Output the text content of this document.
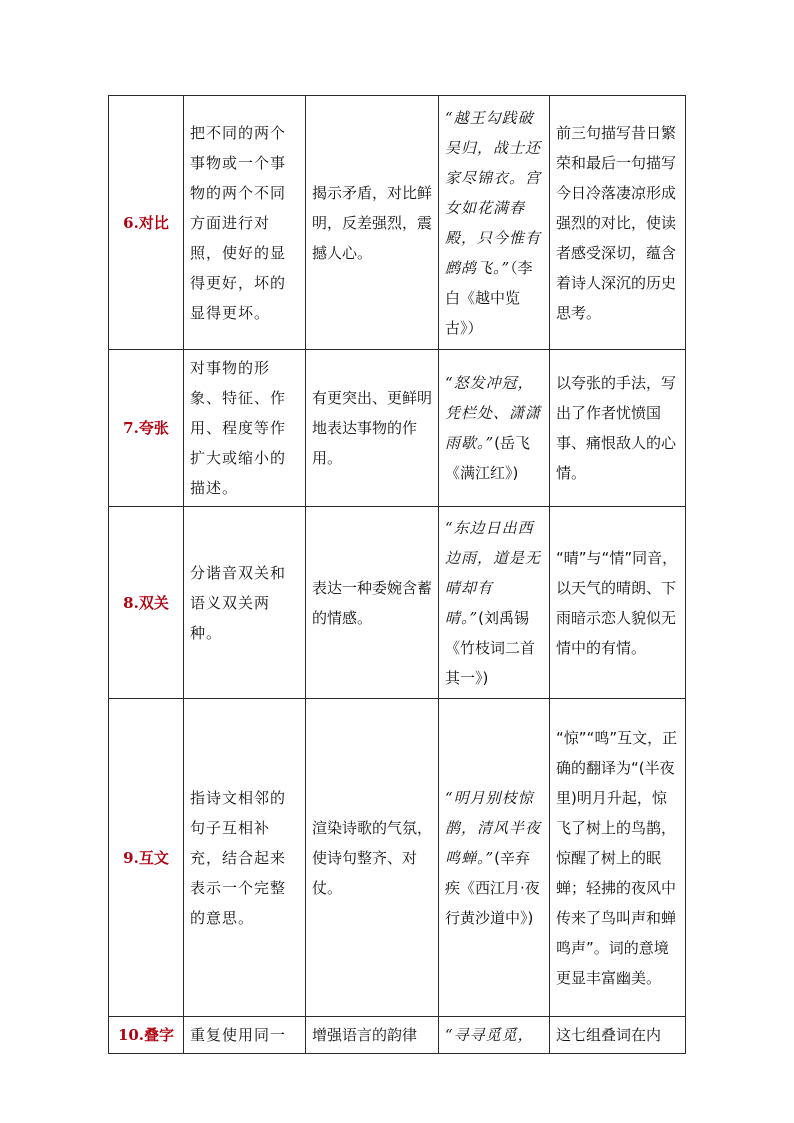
6.对比	把不同的两个事物或一个事物的两个不同方面进行对照，使好的显得更好，坏的显得更坏。	揭示矛盾，对比鲜明，反差强烈，震撼人心。	“越王勾践破吴归，战士还家尽锦衣。宫女如花满春殿，只今惟有鹧鸪飞。”（李白《越中览古》）	前三句描写昔日繁荣和最后一句描写今日冷落凄凉形成强烈的对比，使读者感受深切，蕴含着诗人深沉的历史思考。
7.夸张	对事物的形象、特征、作用、程度等作扩大或缩小的描述。	有更突出、更鲜明地表达事物的作用。	“怒发冲冠，凭栏处、潇潇雨歇。”(岳飞《满江红》)	以夸张的手法，写出了作者忧愤国事、痛恨敌人的心情。
8.双关	分谐音双关和语义双关两种。	表达一种委婉含蓄的情感。	“东边日出西边雨，道是无晴却有晴。”(刘禹锡《竹枝词二首其一》)	“晴”与“情”同音，以天气的晴朗、下雨暗示恋人貌似无情中的有情。
9.互文	指诗文相邻的句子互相补充，结合起来表示一个完整的意思。	渲染诗歌的气氛，使诗句整齐、对仗。	“明月别枝惊鹊，清风半夜鸣蝉。”(辛弃疾《西江月·夜行黄沙道中》)	“惊”“鸣”互文，正确的翻译为“(半夜里)明月升起，惊飞了树上的鸟鹊，惊醒了树上的眠蝉；轻拂的夜风中传来了鸟叫声和蝉鸣声”。词的意境更显丰富幽美。
10.叠字	重复使用同一	增强语言的韵律	“寻寻觅觅，	这七组叠词在内
